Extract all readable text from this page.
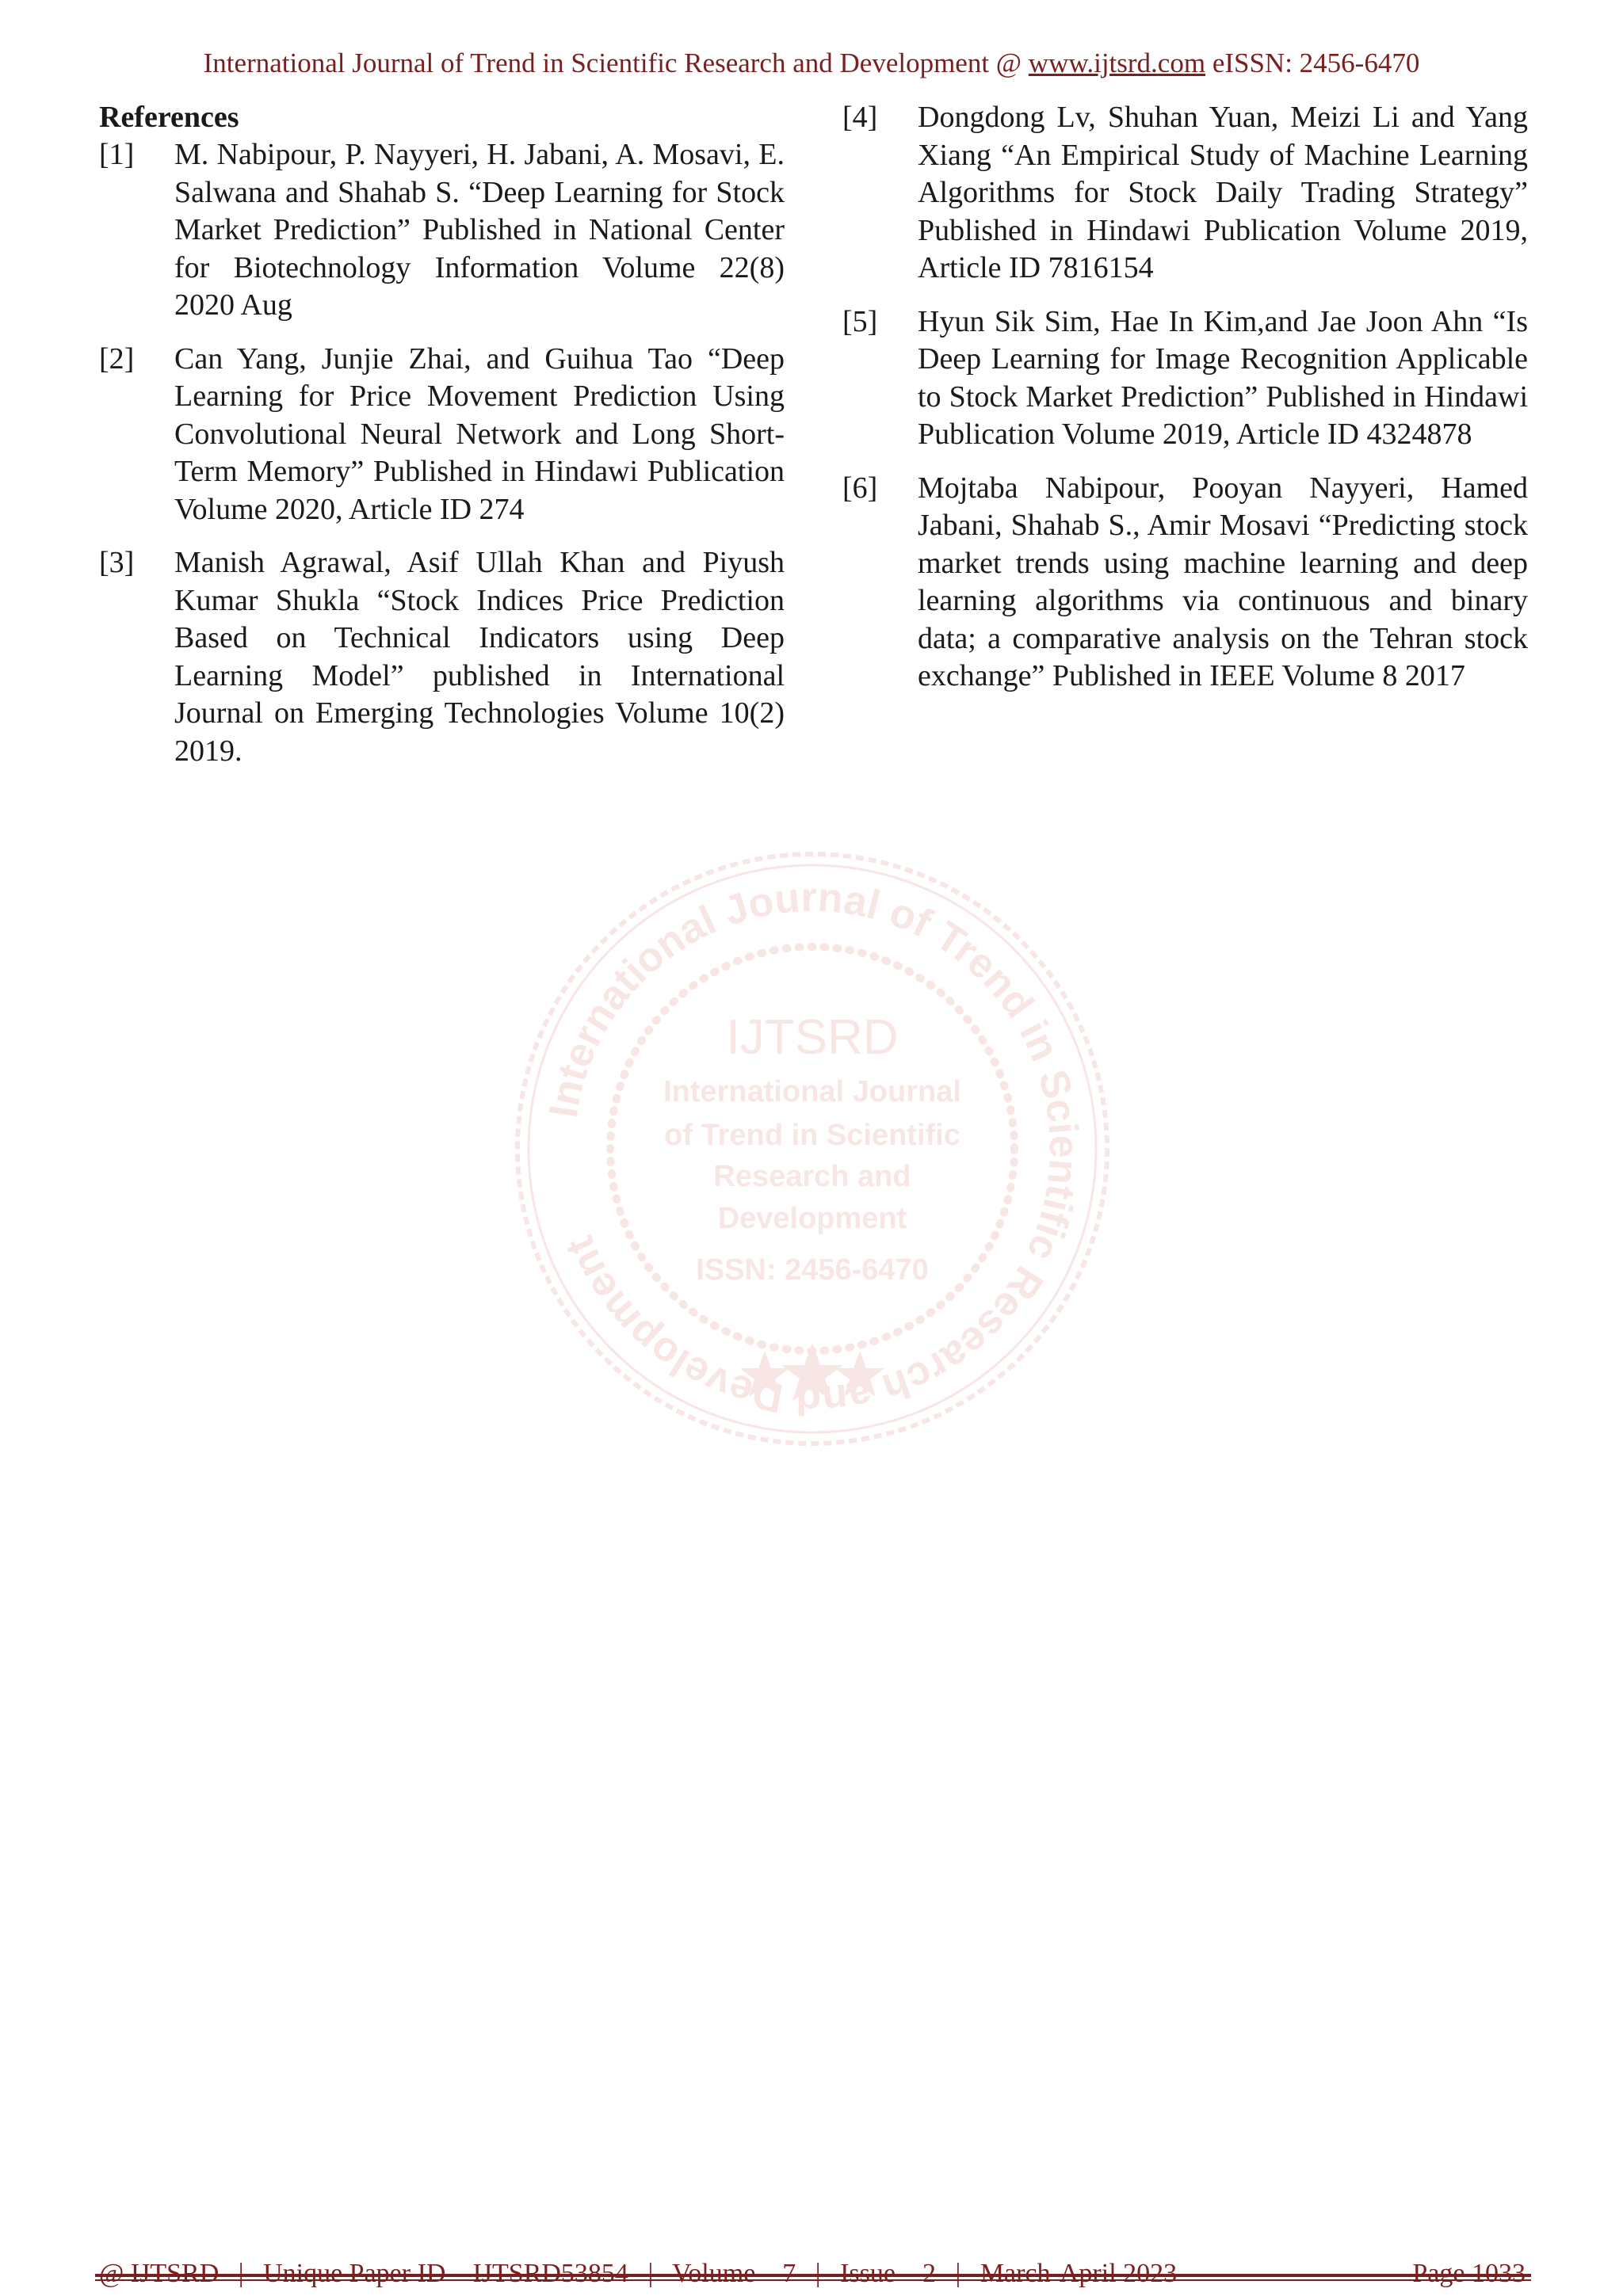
International Journal of Trend in Scientific Research and Development @ www.ijtsrd.com eISSN: 2456-6470
References
[1]	M. Nabipour, P. Nayyeri, H. Jabani, A. Mosavi, E. Salwana and Shahab S. “Deep Learning for Stock Market Prediction” Published in National Center for Biotechnology Information Volume 22(8) 2020 Aug
[2]	Can Yang, Junjie Zhai, and Guihua Tao “Deep Learning for Price Movement Prediction Using Convolutional Neural Network and Long Short-Term Memory” Published in Hindawi Publication Volume 2020, Article ID 274
[3]	Manish Agrawal, Asif Ullah Khan and Piyush Kumar Shukla “Stock Indices Price Prediction Based on Technical Indicators using Deep Learning Model” published in International Journal on Emerging Technologies Volume 10(2) 2019.
[4]	Dongdong Lv, Shuhan Yuan, Meizi Li and Yang Xiang “An Empirical Study of Machine Learning Algorithms for Stock Daily Trading Strategy” Published in Hindawi Publication Volume 2019, Article ID 7816154
[5]	Hyun Sik Sim, Hae In Kim,and Jae Joon Ahn “Is Deep Learning for Image Recognition Applicable to Stock Market Prediction” Published in Hindawi Publication Volume 2019, Article ID 4324878
[6]	Mojtaba Nabipour, Pooyan Nayyeri, Hamed Jabani, Shahab S., Amir Mosavi “Predicting stock market trends using machine learning and deep learning algorithms via continuous and binary data; a comparative analysis on the Tehran stock exchange” Published in IEEE Volume 8 2017
International Journal of Trend in Scientific Research and Development
IJTSRD
International Journal
of Trend in Scientific
Research and
Development
ISSN: 2456-6470
@ IJTSRD | Unique Paper ID – IJTSRD53854 | Volume – 7 | Issue – 2 | March-April 2023	Page 1033
